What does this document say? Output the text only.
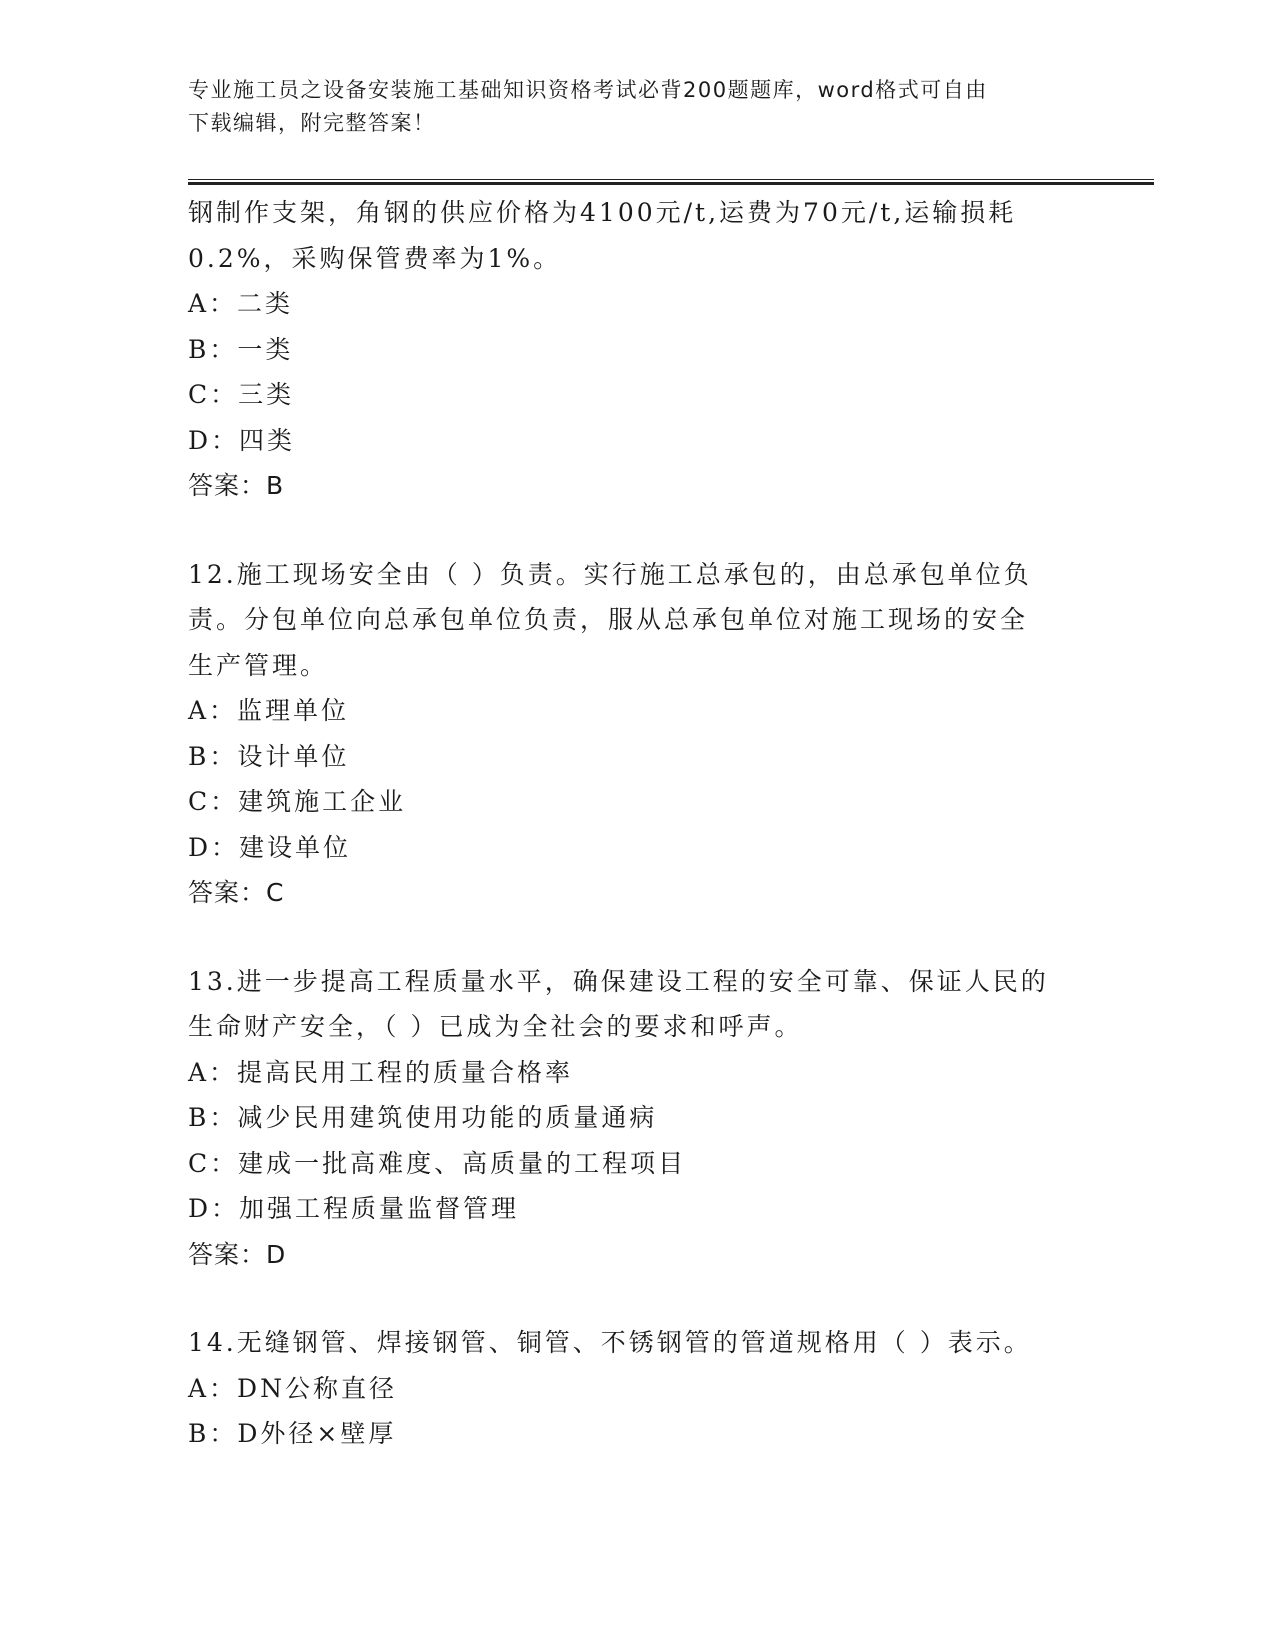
专业施工员之设备安装施工基础知识资格考试必背200题题库，word格式可自由
下载编辑，附完整答案！

钢制作支架，角钢的供应价格为4100元/t,运费为70元/t,运输损耗

0.2%，采购保管费率为1%。

A：二类

B：一类

C：三类

D：四类

答案：B

12.施工现场安全由（ ）负责。实行施工总承包的，由总承包单位负

责。分包单位向总承包单位负责，服从总承包单位对施工现场的安全

生产管理。

A：监理单位

B：设计单位

C：建筑施工企业

D：建设单位

答案：C

13.进一步提高工程质量水平，确保建设工程的安全可靠、保证人民的

生命财产安全，（ ）已成为全社会的要求和呼声。

A：提高民用工程的质量合格率

B：减少民用建筑使用功能的质量通病

C：建成一批高难度、高质量的工程项目

D：加强工程质量监督管理

答案：D

14.无缝钢管、焊接钢管、铜管、不锈钢管的管道规格用（ ）表示。

A：DN公称直径

B：D外径×壁厚
